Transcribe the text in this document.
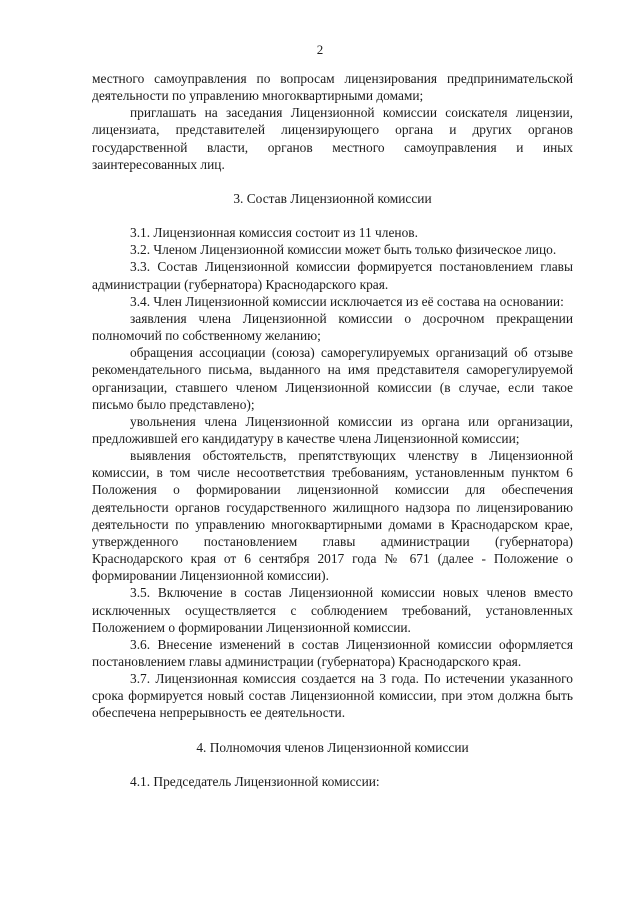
2

местного самоуправления по вопросам лицензирования предпринимательской деятельности по управлению многоквартирными домами;

приглашать на заседания Лицензионной комиссии соискателя лицензии, лицензиата, представителей лицензирующего органа и других органов государственной власти, органов местного самоуправления и иных заинтересованных лиц.

3. Состав Лицензионной комиссии

3.1. Лицензионная комиссия состоит из 11 членов.

3.2. Членом Лицензионной комиссии может быть только физическое лицо.

3.3. Состав Лицензионной комиссии формируется постановлением главы администрации (губернатора) Краснодарского края.

3.4. Член Лицензионной комиссии исключается из её состава на основании:

заявления члена Лицензионной комиссии о досрочном прекращении полномочий по собственному желанию;

обращения ассоциации (союза) саморегулируемых организаций об отзыве рекомендательного письма, выданного на имя представителя саморегулируемой организации, ставшего членом Лицензионной комиссии (в случае, если такое письмо было представлено);

увольнения члена Лицензионной комиссии из органа или организации, предложившей его кандидатуру в качестве члена Лицензионной комиссии;

выявления обстоятельств, препятствующих членству в Лицензионной комиссии, в том числе несоответствия требованиям, установленным пунктом 6 Положения о формировании лицензионной комиссии для обеспечения деятельности органов государственного жилищного надзора по лицензированию деятельности по управлению многоквартирными домами в Краснодарском крае, утвержденного постановлением главы администрации (губернатора) Краснодарского края от 6 сентября 2017 года № 671 (далее - Положение о формировании Лицензионной комиссии).

3.5. Включение в состав Лицензионной комиссии новых членов вместо исключенных осуществляется с соблюдением требований, установленных Положением о формировании Лицензионной комиссии.

3.6. Внесение изменений в состав Лицензионной комиссии оформляется постановлением главы администрации (губернатора) Краснодарского края.

3.7. Лицензионная комиссия создается на 3 года. По истечении указанного срока формируется новый состав Лицензионной комиссии, при этом должна быть обеспечена непрерывность ее деятельности.

4. Полномочия членов Лицензионной комиссии

4.1. Председатель Лицензионной комиссии:
